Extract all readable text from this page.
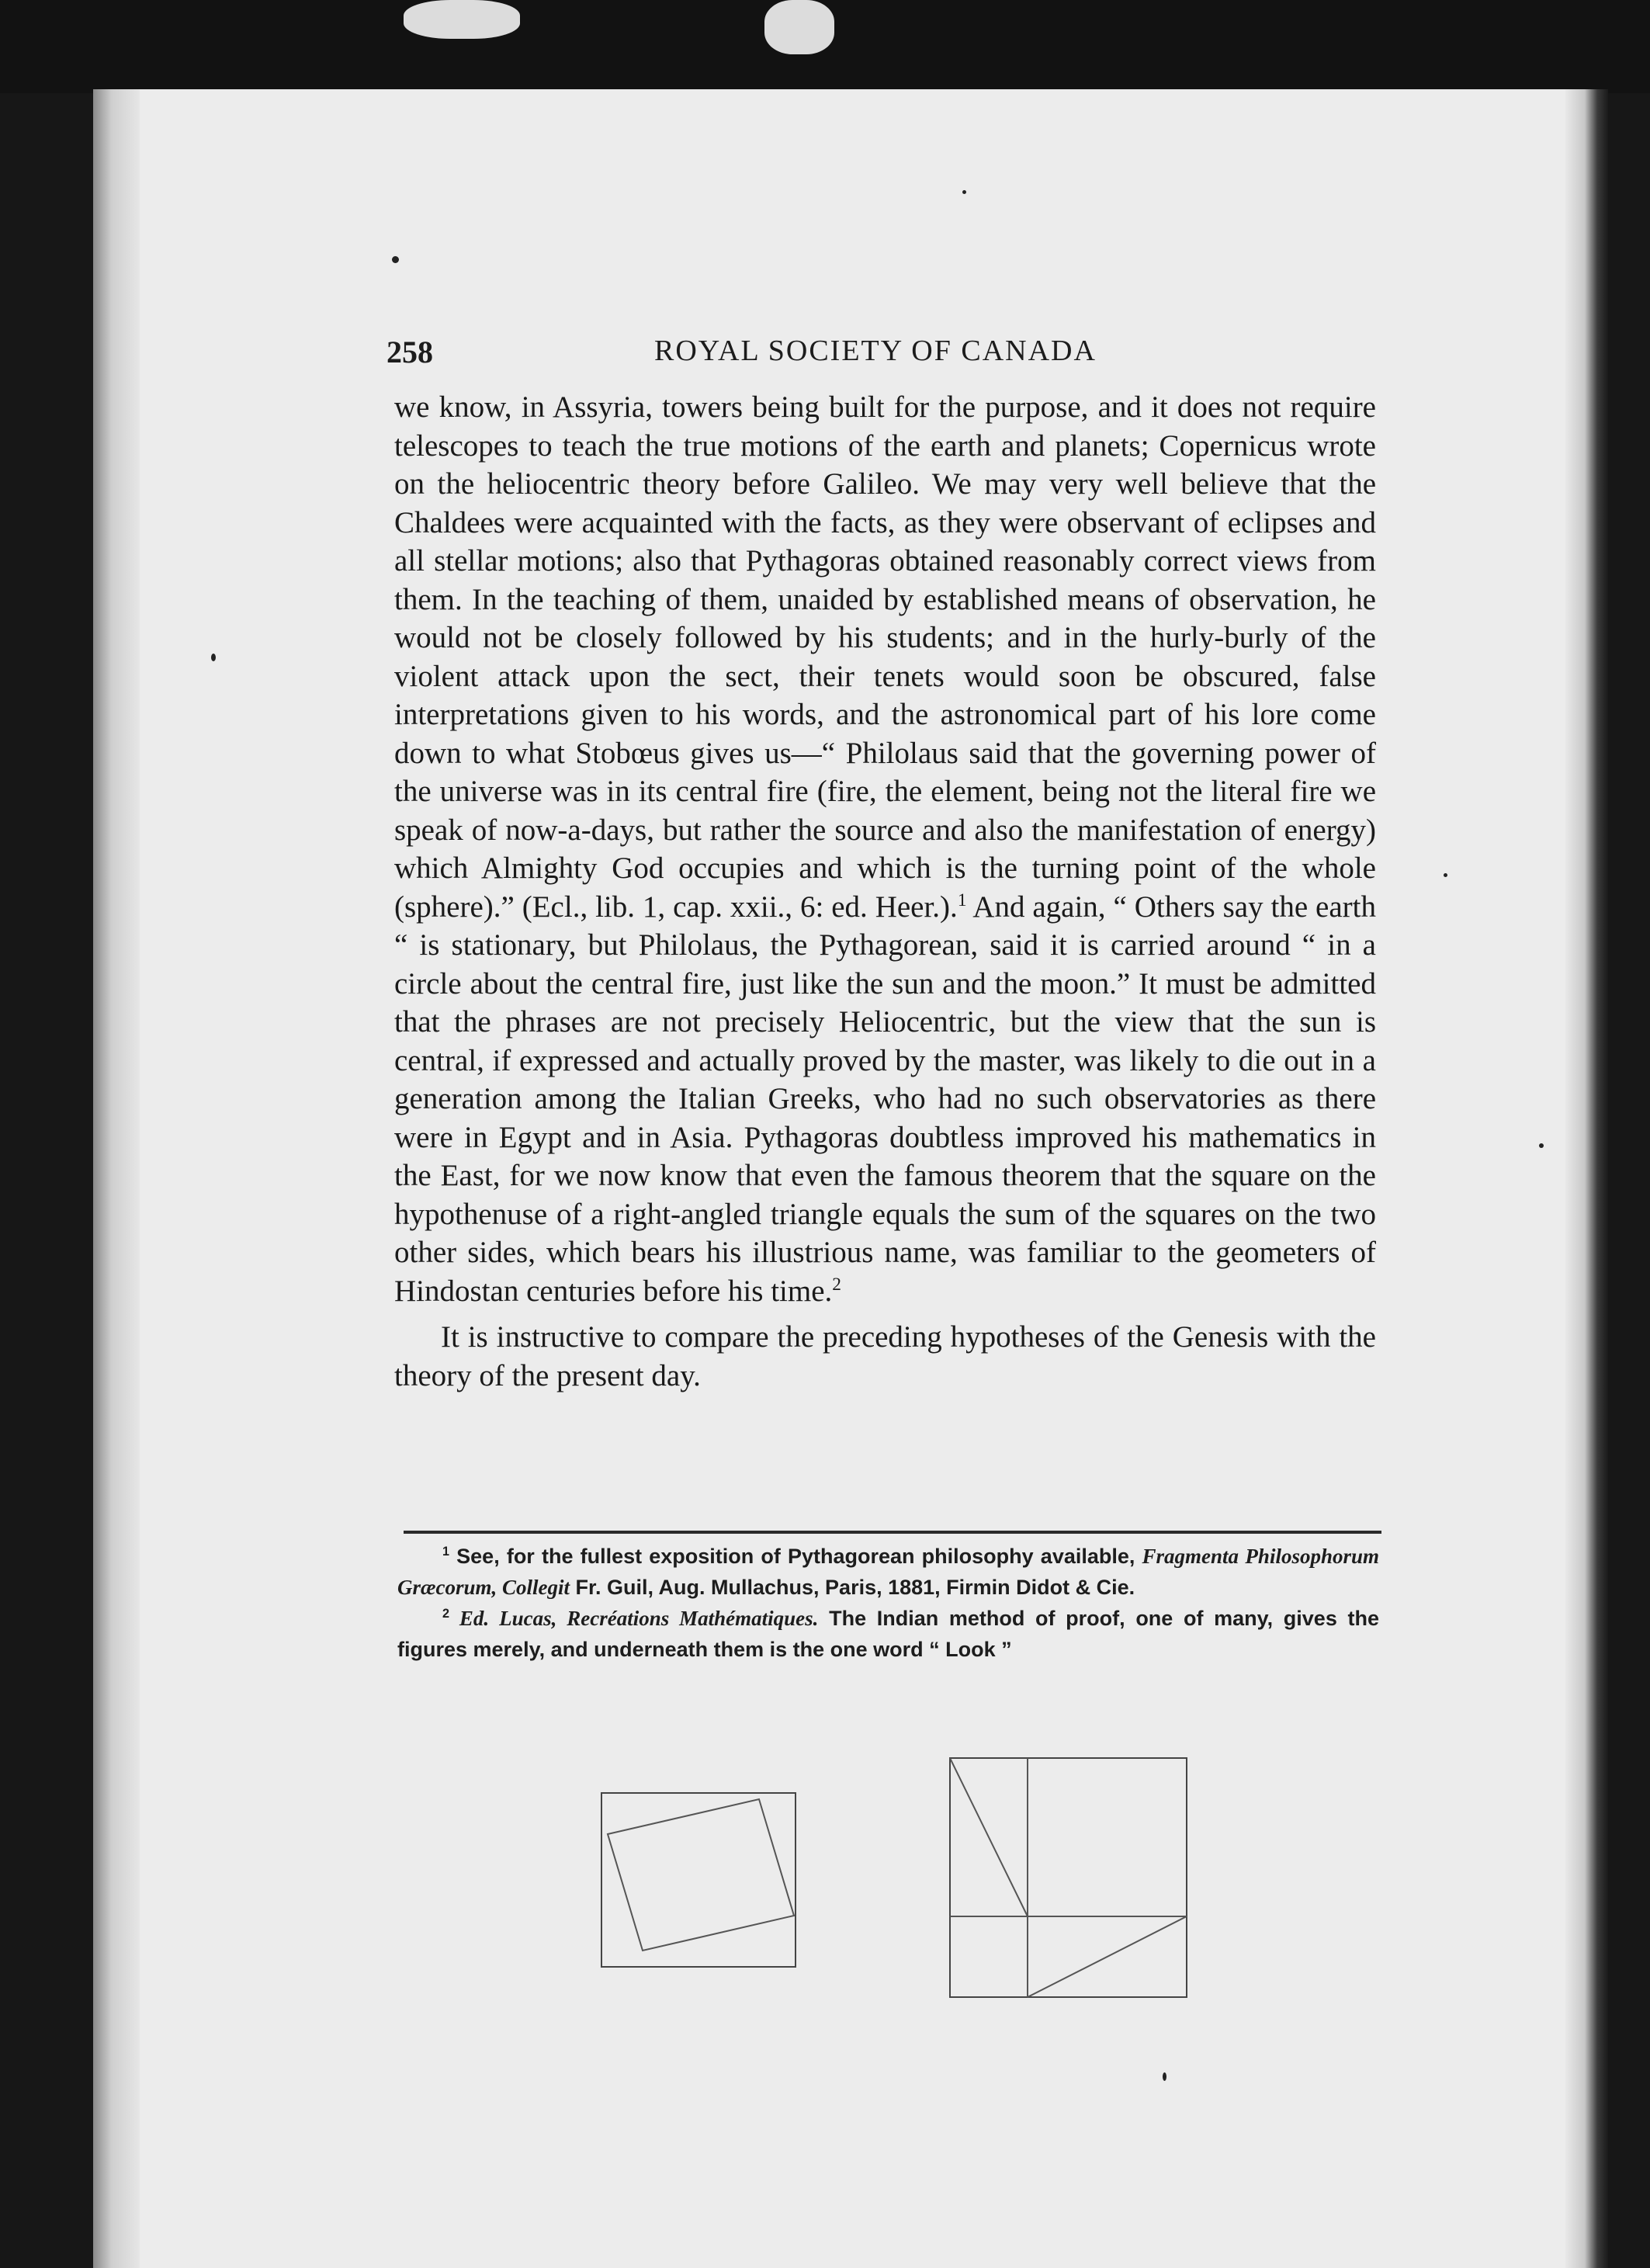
258	ROYAL SOCIETY OF CANADA

we know, in Assyria, towers being built for the purpose, and it does not require telescopes to teach the true motions of the earth and planets; Copernicus wrote on the heliocentric theory before Galileo. We may very well believe that the Chaldees were acquainted with the facts, as they were observant of eclipses and all stellar motions; also that Pythagoras obtained reasonably correct views from them. In the teaching of them, unaided by established means of observation, he would not be closely followed by his students; and in the hurly-burly of the violent attack upon the sect, their tenets would soon be obscured, false interpretations given to his words, and the astronomical part of his lore come down to what Stobœus gives us—“ Philolaus said that the governing power of the universe was in its central fire (fire, the element, being not the literal fire we speak of now-a-days, but rather the source and also the manifestation of energy) which Almighty God occupies and which is the turning point of the whole (sphere).” (Ecl., lib. 1, cap. xxii., 6: ed. Heer.).$^1$ And again, “ Others say the earth “ is stationary, but Philolaus, the Pythagorean, said it is carried around “ in a circle about the central fire, just like the sun and the moon.” It must be admitted that the phrases are not precisely Heliocentric, but the view that the sun is central, if expressed and actually proved by the master, was likely to die out in a generation among the Italian Greeks, who had no such observatories as there were in Egypt and in Asia. Pythagoras doubtless improved his mathematics in the East, for we now know that even the famous theorem that the square on the hypothenuse of a right-angled triangle equals the sum of the squares on the two other sides, which bears his illustrious name, was familiar to the geometers of Hindostan centuries before his time.$^2$

It is instructive to compare the preceding hypotheses of the Genesis with the theory of the present day.

$^1$ See, for the fullest exposition of Pythagorean philosophy available, Fragmenta Philosophorum Græcorum, Collegit Fr. Guil, Aug. Mullachus, Paris, 1881, Firmin Didot & Cie.

$^2$ Ed. Lucas, Recréations Mathématiques. The Indian method of proof, one of many, gives the figures merely, and underneath them is the one word “ Look ”
